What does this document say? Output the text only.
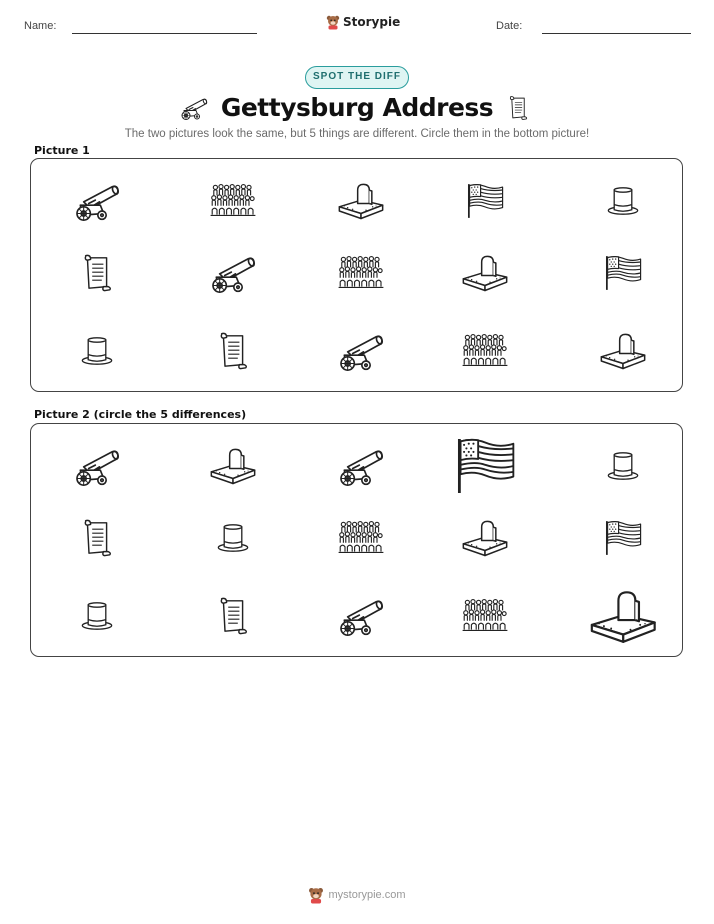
Name:	Storypie	Date:
SPOT THE DIFF
Gettysburg Address
The two pictures look the same, but 5 things are different. Circle them in the bottom picture!
Picture 1
Picture 2 (circle the 5 differences)
mystorypie.com
